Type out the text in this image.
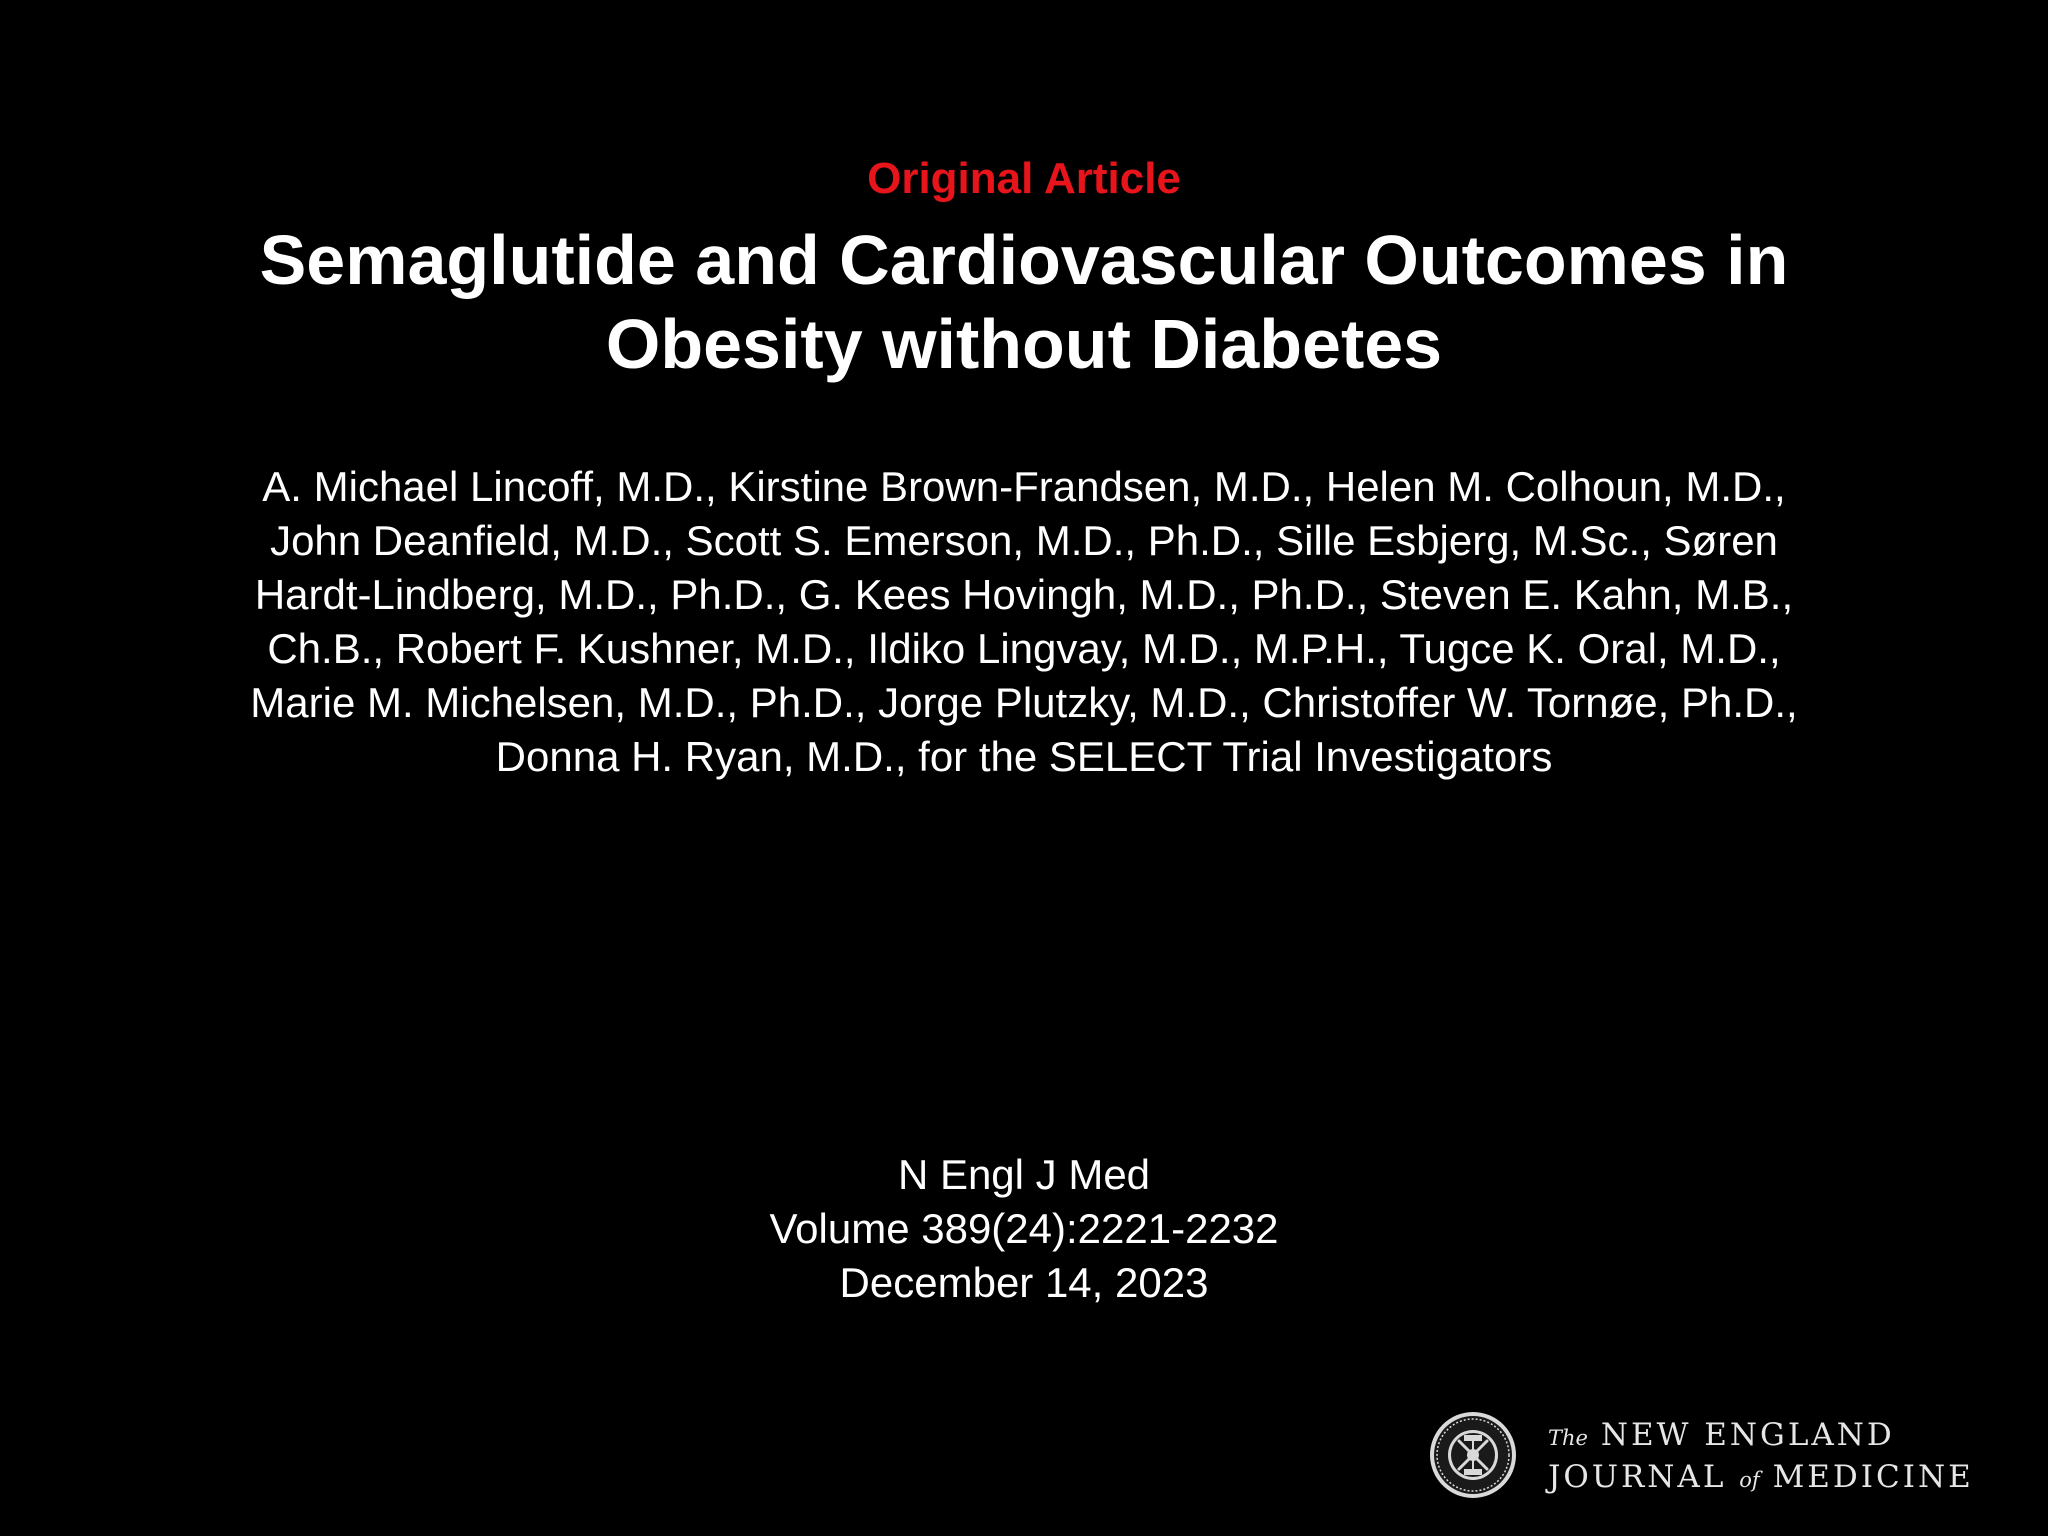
Original Article
Semaglutide and Cardiovascular Outcomes in
Obesity without Diabetes
A. Michael Lincoff, M.D., Kirstine Brown-Frandsen, M.D., Helen M. Colhoun, M.D.,
John Deanfield, M.D., Scott S. Emerson, M.D., Ph.D., Sille Esbjerg, M.Sc., Søren
Hardt-Lindberg, M.D., Ph.D., G. Kees Hovingh, M.D., Ph.D., Steven E. Kahn, M.B.,
Ch.B., Robert F. Kushner, M.D., Ildiko Lingvay, M.D., M.P.H., Tugce K. Oral, M.D.,
Marie M. Michelsen, M.D., Ph.D., Jorge Plutzky, M.D., Christoffer W. Tornøe, Ph.D.,
Donna H. Ryan, M.D., for the SELECT Trial Investigators
N Engl J Med
Volume 389(24):2221-2232
December 14, 2023
The NEW ENGLAND
JOURNAL of MEDICINE
